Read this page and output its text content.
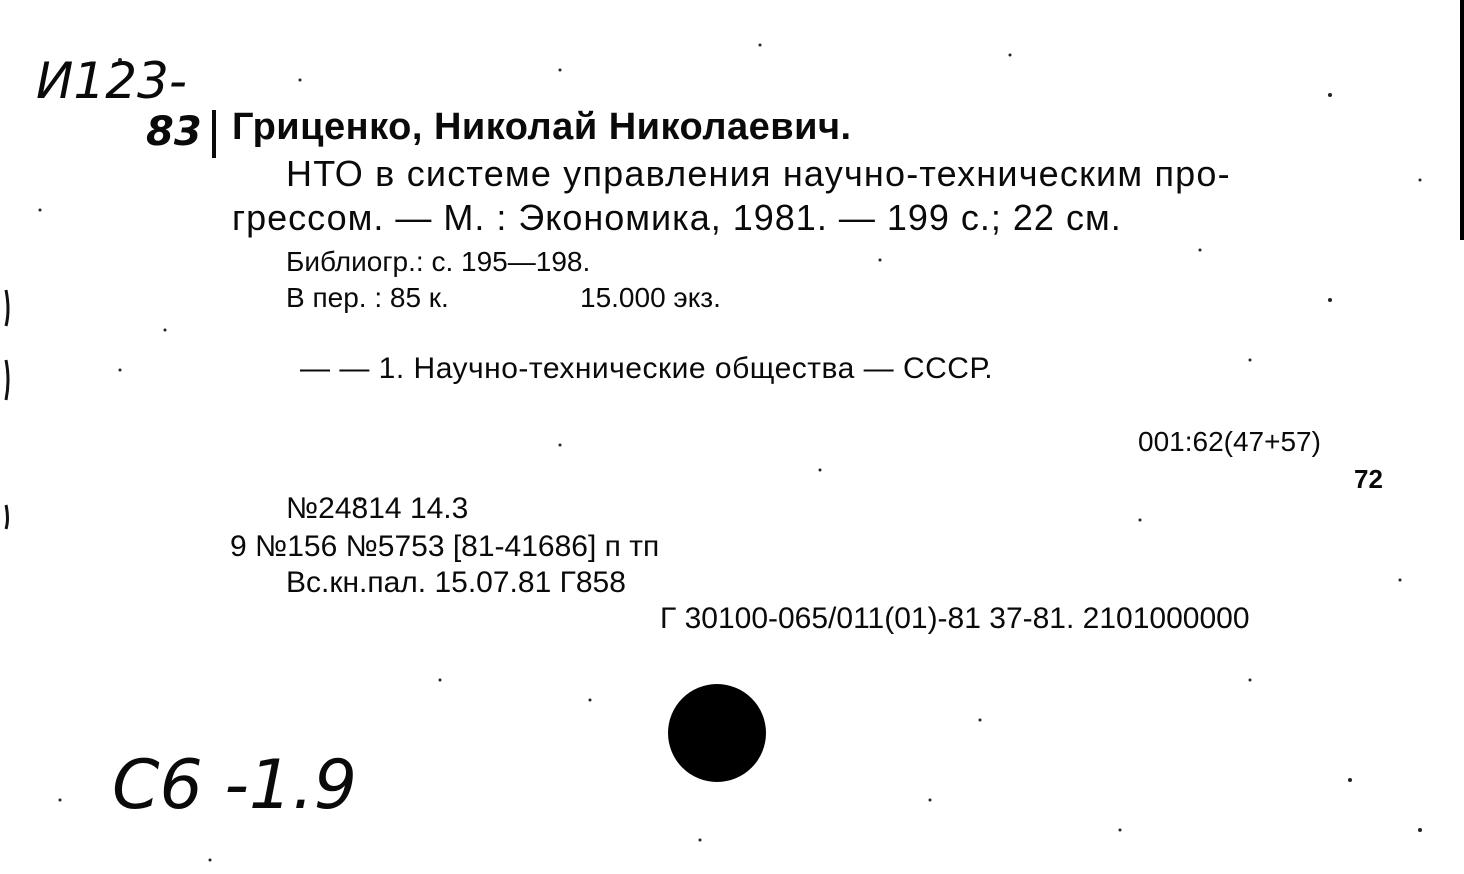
И123-
83 Гриценко, Николай Николаевич.
НТО в системе управления научно-техническим про-
грессом. — М. : Экономика, 1981. — 199 с.; 22 см.
Библиогр.: с. 195—198.
В пер. : 85 к.	15.000 экз.
— — 1. Научно-технические общества — СССР.
001:62(47+57)
72
№24814 14.3
9 №156 №5753 [81-41686] п тп
Вс.кн.пал. 15.07.81 Г858
Г 30100-065/011(01)-81 37-81. 2101000000
С6 -1.9
